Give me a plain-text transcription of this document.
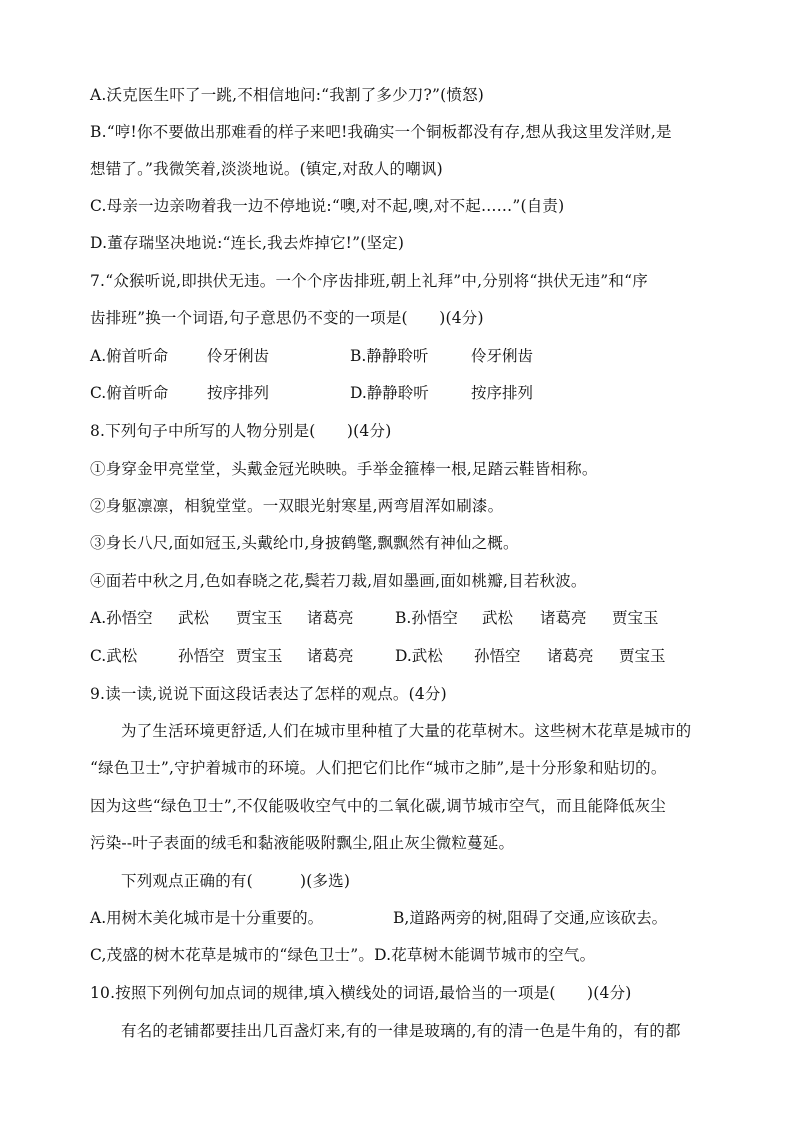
A.沃克医生吓了一跳,不相信地问:“我割了多少刀?”(愤怒)
B.“哼!你不要做出那难看的样子来吧!我确实一个铜板都没有存,想从我这里发洋财,是
想错了。”我微笑着,淡淡地说。(镇定,对敌人的嘲讽)
C.母亲一边亲吻着我一边不停地说:“噢,对不起,噢,对不起……”(自责)
D.董存瑞坚决地说:“连长,我去炸掉它!”(坚定)
7.“众猴听说,即拱伏无违。一个个序齿排班,朝上礼拜”中,分别将“拱伏无违”和“序
齿排班”换一个词语,句子意思仍不变的一项是(　　)(4分)
A.俯首听命	伶牙俐齿	B.静静聆听	伶牙俐齿
C.俯首听命	按序排列	D.静静聆听	按序排列
8.下列句子中所写的人物分别是(　　)(4分)
①身穿金甲亮堂堂，头戴金冠光映映。手举金箍棒一根,足踏云鞋皆相称。
②身躯凛凛，相貌堂堂。一双眼光射寒星,两弯眉浑如刷漆。
③身长八尺,面如冠玉,头戴纶巾,身披鹤氅,飘飘然有神仙之概。
④面若中秋之月,色如春晓之花,鬓若刀裁,眉如墨画,面如桃瓣,目若秋波。
A.孙悟空 武松 贾宝玉 诸葛亮	B.孙悟空 武松 诸葛亮 贾宝玉
C.武松	孙悟空 贾宝玉 诸葛亮	D.武松 孙悟空 诸葛亮 贾宝玉
9.读一读,说说下面这段话表达了怎样的观点。(4分)
为了生活环境更舒适,人们在城市里种植了大量的花草树木。这些树木花草是城市的
“绿色卫士”,守护着城市的环境。人们把它们比作“城市之肺”,是十分形象和贴切的。
因为这些“绿色卫士”,不仅能吸收空气中的二氧化碳,调节城市空气，而且能降低灰尘
污染--叶子表面的绒毛和黏液能吸附飘尘,阻止灰尘微粒蔓延。
下列观点正确的有(　　　)(多选)
A.用树木美化城市是十分重要的。	B,道路两旁的树,阻碍了交通,应该砍去。
C,茂盛的树木花草是城市的“绿色卫士”。D.花草树木能调节城市的空气。
10.按照下列例句加点词的规律,填入横线处的词语,最恰当的一项是(　　)(4分)
有名的老铺都要挂出几百盏灯来,有的一律是玻璃的,有的清一色是牛角的，有的都
